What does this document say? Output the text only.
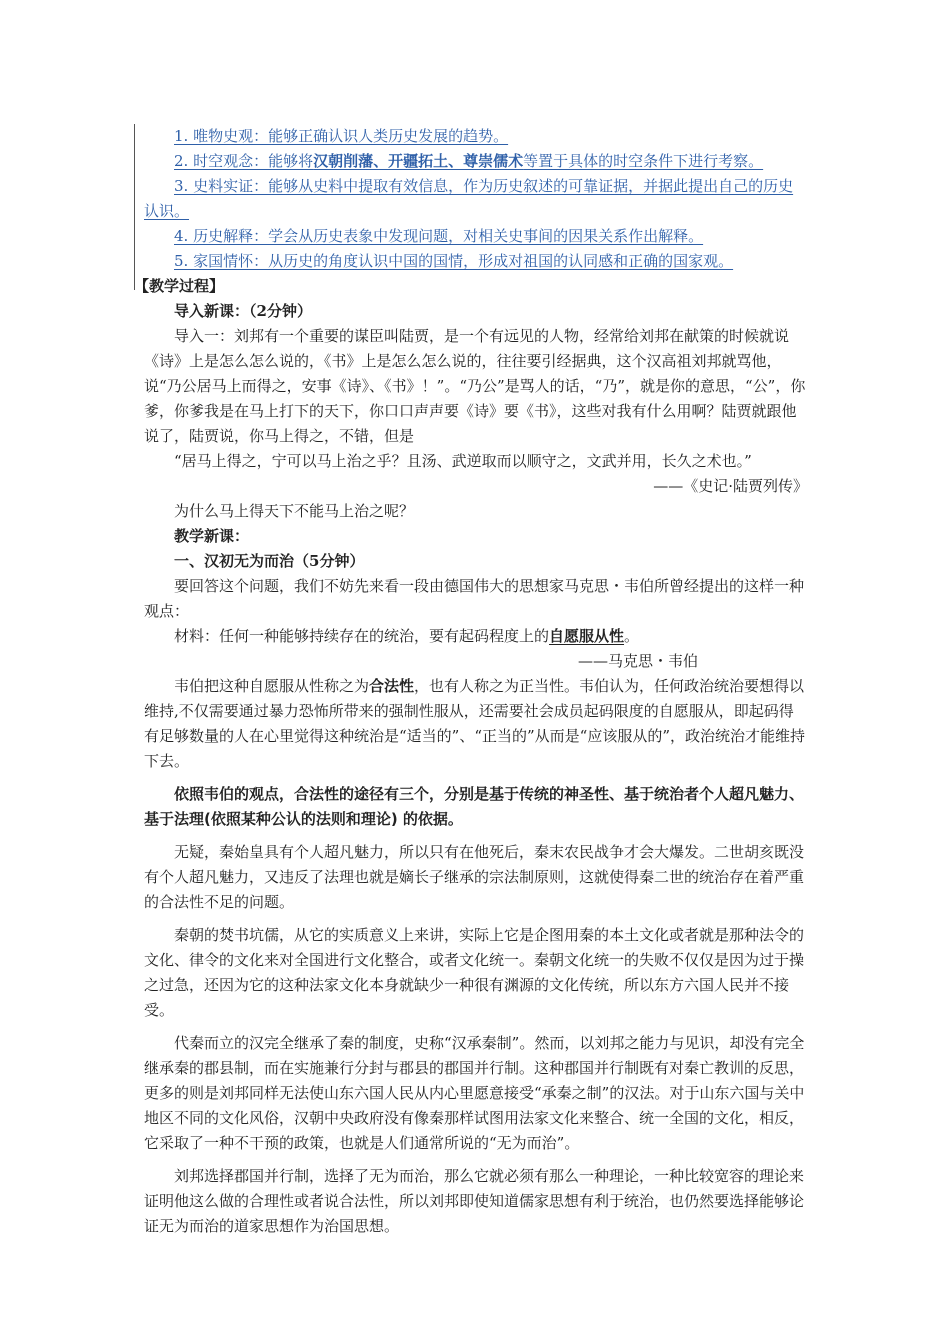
1. 唯物史观：能够正确认识人类历史发展的趋势。

2. 时空观念：能够将汉朝削藩、开疆拓土、尊崇儒术等置于具体的时空条件下进行考察。

3. 史料实证：能够从史料中提取有效信息，作为历史叙述的可靠证据，并据此提出自己的历史认识。

4. 历史解释：学会从历史表象中发现问题，对相关史事间的因果关系作出解释。

5. 家国情怀：从历史的角度认识中国的国情，形成对祖国的认同感和正确的国家观。

【教学过程】

导入新课：（2分钟）

导入一：刘邦有一个重要的谋臣叫陆贾，是一个有远见的人物，经常给刘邦在献策的时候就说《诗》上是怎么怎么说的，《书》上是怎么怎么说的，往往要引经据典，这个汉高祖刘邦就骂他，说“乃公居马上而得之，安事《诗》、《书》！”。“乃公”是骂人的话，“乃”，就是你的意思，“公”，你爹，你爹我是在马上打下的天下，你口口声声要《诗》要《书》，这些对我有什么用啊？陆贾就跟他说了，陆贾说，你马上得之，不错，但是

“居马上得之，宁可以马上治之乎？且汤、武逆取而以顺守之，文武并用，长久之术也。”

——《史记·陆贾列传》

为什么马上得天下不能马上治之呢？

教学新课：

一、汉初无为而治（5分钟）

要回答这个问题，我们不妨先来看一段由德国伟大的思想家马克思・韦伯所曾经提出的这样一种观点：

材料：任何一种能够持续存在的统治，要有起码程度上的自愿服从性。

——马克思・韦伯

韦伯把这种自愿服从性称之为合法性，也有人称之为正当性。韦伯认为，任何政治统治要想得以维持,不仅需要通过暴力恐怖所带来的强制性服从，还需要社会成员起码限度的自愿服从，即起码得有足够数量的人在心里觉得这种统治是“适当的”、“正当的”从而是“应该服从的”，政治统治才能维持下去。

依照韦伯的观点，合法性的途径有三个，分别是基于传统的神圣性、基于统治者个人超凡魅力、基于法理(依照某种公认的法则和理论) 的依据。

无疑，秦始皇具有个人超凡魅力，所以只有在他死后，秦末农民战争才会大爆发。二世胡亥既没有个人超凡魅力，又违反了法理也就是嫡长子继承的宗法制原则，这就使得秦二世的统治存在着严重的合法性不足的问题。

秦朝的焚书坑儒，从它的实质意义上来讲，实际上它是企图用秦的本土文化或者就是那种法令的文化、律令的文化来对全国进行文化整合，或者文化统一。秦朝文化统一的失败不仅仅是因为过于操之过急，还因为它的这种法家文化本身就缺少一种很有渊源的文化传统，所以东方六国人民并不接受。

代秦而立的汉完全继承了秦的制度，史称“汉承秦制”。然而，以刘邦之能力与见识，却没有完全继承秦的郡县制，而在实施兼行分封与郡县的郡国并行制。这种郡国并行制既有对秦亡教训的反思，更多的则是刘邦同样无法使山东六国人民从内心里愿意接受“承秦之制”的汉法。对于山东六国与关中地区不同的文化风俗，汉朝中央政府没有像秦那样试图用法家文化来整合、统一全国的文化，相反，它采取了一种不干预的政策，也就是人们通常所说的“无为而治”。

刘邦选择郡国并行制，选择了无为而治，那么它就必须有那么一种理论，一种比较宽容的理论来证明他这么做的合理性或者说合法性，所以刘邦即使知道儒家思想有利于统治，也仍然要选择能够论证无为而治的道家思想作为治国思想。
